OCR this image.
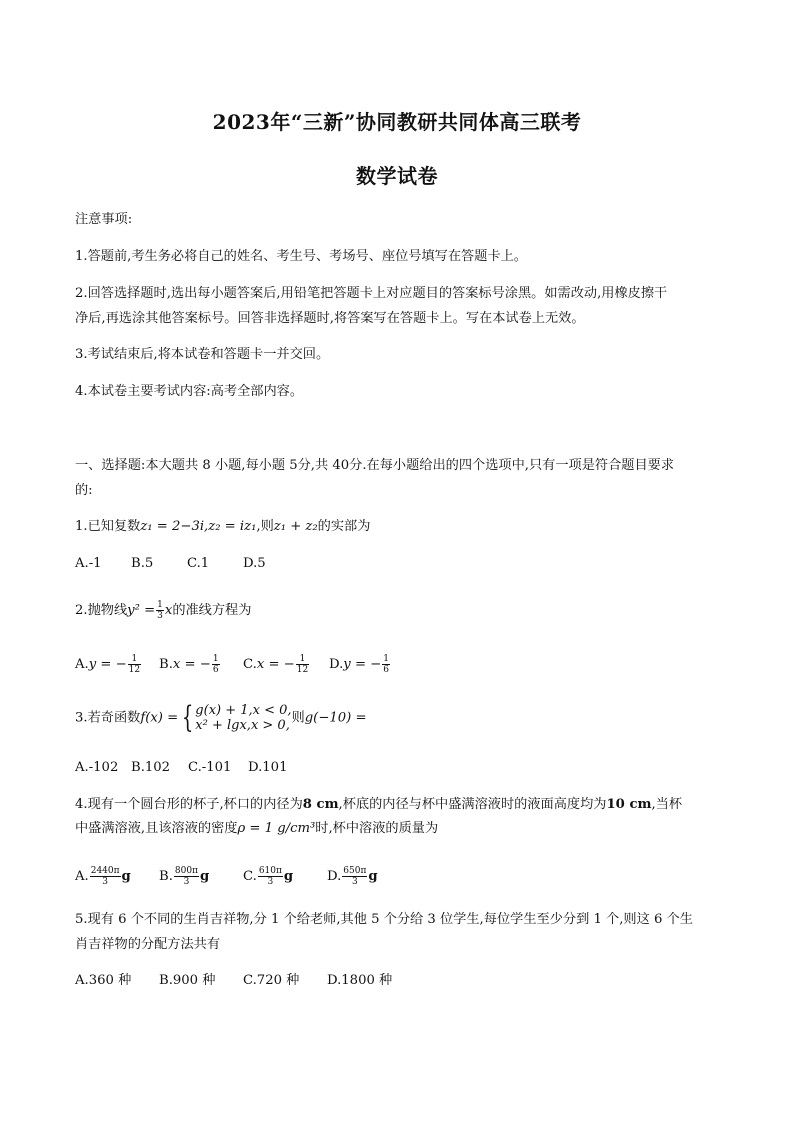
2023年“三新”协同教研共同体高三联考
数学试卷
注意事项:
1.答题前,考生务必将自己的姓名、考生号、考场号、座位号填写在答题卡上。
2.回答选择题时,选出每小题答案后,用铅笔把答题卡上对应题目的答案标号涂黑。如需改动,用橡皮擦干
净后,再选涂其他答案标号。回答非选择题时,将答案写在答题卡上。写在本试卷上无效。
3.考试结束后,将本试卷和答题卡一并交回。
4.本试卷主要考试内容:高考全部内容。
一、选择题:本大题共 8 小题,每小题 5分,共 40分.在每小题给出的四个选项中,只有一项是符合题目要求
的:
1.已知复数z₁ = 2−3i,z₂ = iz₁,则z₁ + z₂的实部为
A.-1 B.5	C.1	D.5
2.抛物线$y^2 = \frac{1}{3}$ x的准线方程为
A.y = − $\frac{1}{12} B.x$ = − $\frac{1}{6} C.x$ = − $\frac{1}{12} D.y$ = − $\frac{1}{6}$
3.若奇函数f(x) = { g(x) + 1,x < 0,
x² + lgx,x > 0, 则g(−10) =
A.-102 B.102 C.-101 D.101
4.现有一个圆台形的杯子,杯口的内径为8 cm,杯底的内径与杯中盛满溶液时的液面高度均为10 cm,当杯
中盛满溶液,且该溶液的密度ρ = 1 g/cm³时,杯中溶液的质量为
A. $\frac{2440\pi}{3}$ g B. $\frac{800\pi}{3}$ g	C. $\frac{610\pi}{3}$ g	D. $\frac{650\pi}{3}$ g
5.现有 6 个不同的生肖吉祥物,分 1 个给老师,其他 5 个分给 3 位学生,每位学生至少分到 1 个,则这 6 个生
肖吉祥物的分配方法共有
A.360 种 B.900 种 C.720 种 D.1800 种
